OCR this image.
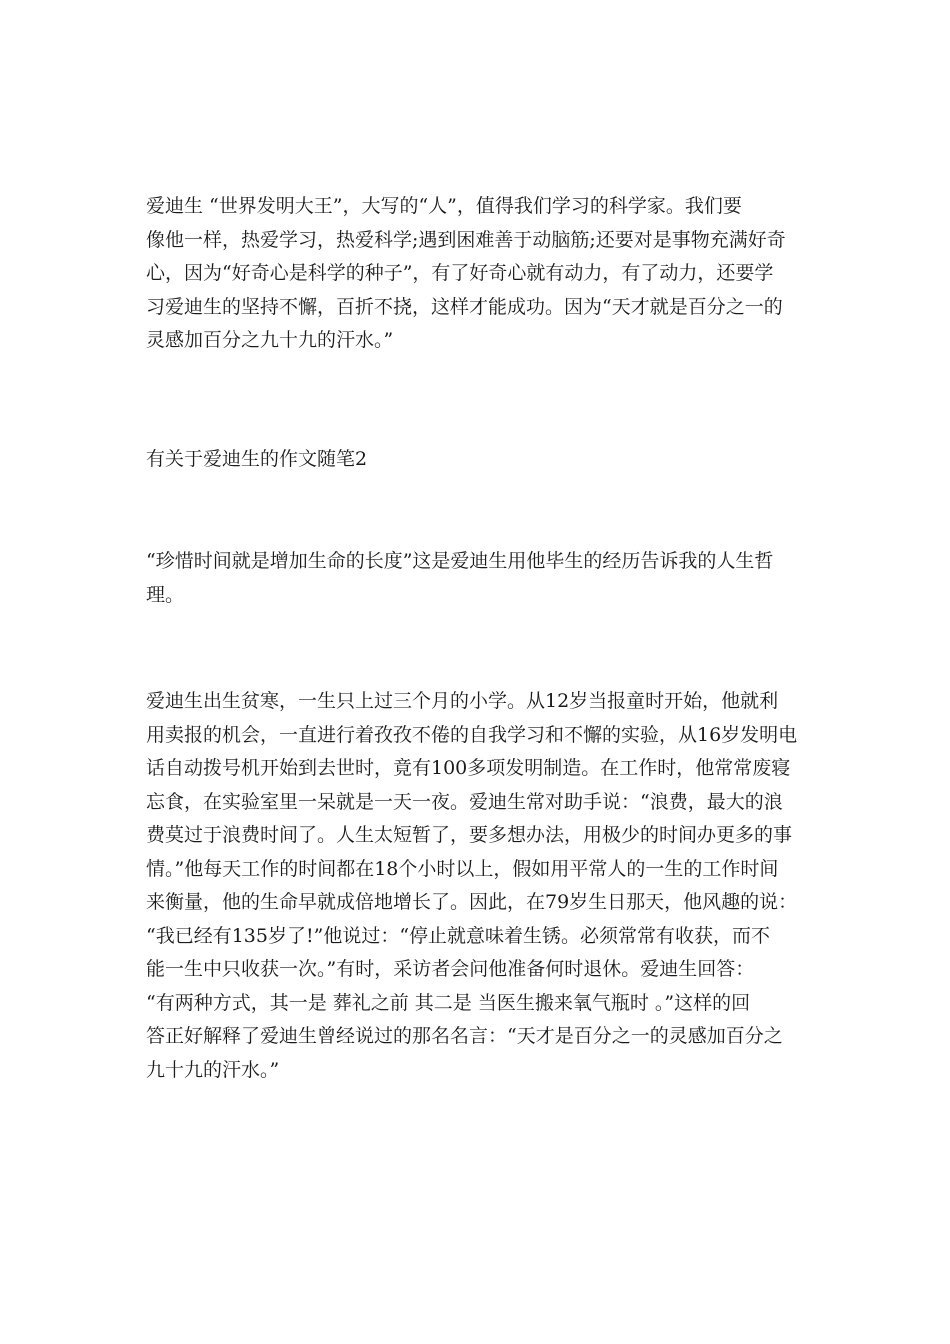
爱迪生 “世界发明大王”，大写的“人”，值得我们学习的科学家。我们要
像他一样，热爱学习，热爱科学;遇到困难善于动脑筋;还要对是事物充满好奇
心，因为“好奇心是科学的种子”，有了好奇心就有动力，有了动力，还要学
习爱迪生的坚持不懈，百折不挠，这样才能成功。因为“天才就是百分之一的
灵感加百分之九十九的汗水。”

有关于爱迪生的作文随笔2

“珍惜时间就是增加生命的长度”这是爱迪生用他毕生的经历告诉我的人生哲
理。

爱迪生出生贫寒，一生只上过三个月的小学。从12岁当报童时开始，他就利
用卖报的机会，一直进行着孜孜不倦的自我学习和不懈的实验，从16岁发明电
话自动拨号机开始到去世时，竟有100多项发明制造。在工作时，他常常废寝
忘食，在实验室里一呆就是一天一夜。爱迪生常对助手说：“浪费，最大的浪
费莫过于浪费时间了。人生太短暂了，要多想办法，用极少的时间办更多的事
情。”他每天工作的时间都在18个小时以上，假如用平常人的一生的工作时间
来衡量，他的生命早就成倍地增长了。因此，在79岁生日那天，他风趣的说：
“我已经有135岁了!”他说过：“停止就意味着生锈。必须常常有收获，而不
能一生中只收获一次。”有时，采访者会问他准备何时退休。爱迪生回答：
“有两种方式，其一是 葬礼之前 其二是 当医生搬来氧气瓶时 。”这样的回
答正好解释了爱迪生曾经说过的那名名言：“天才是百分之一的灵感加百分之
九十九的汗水。”
